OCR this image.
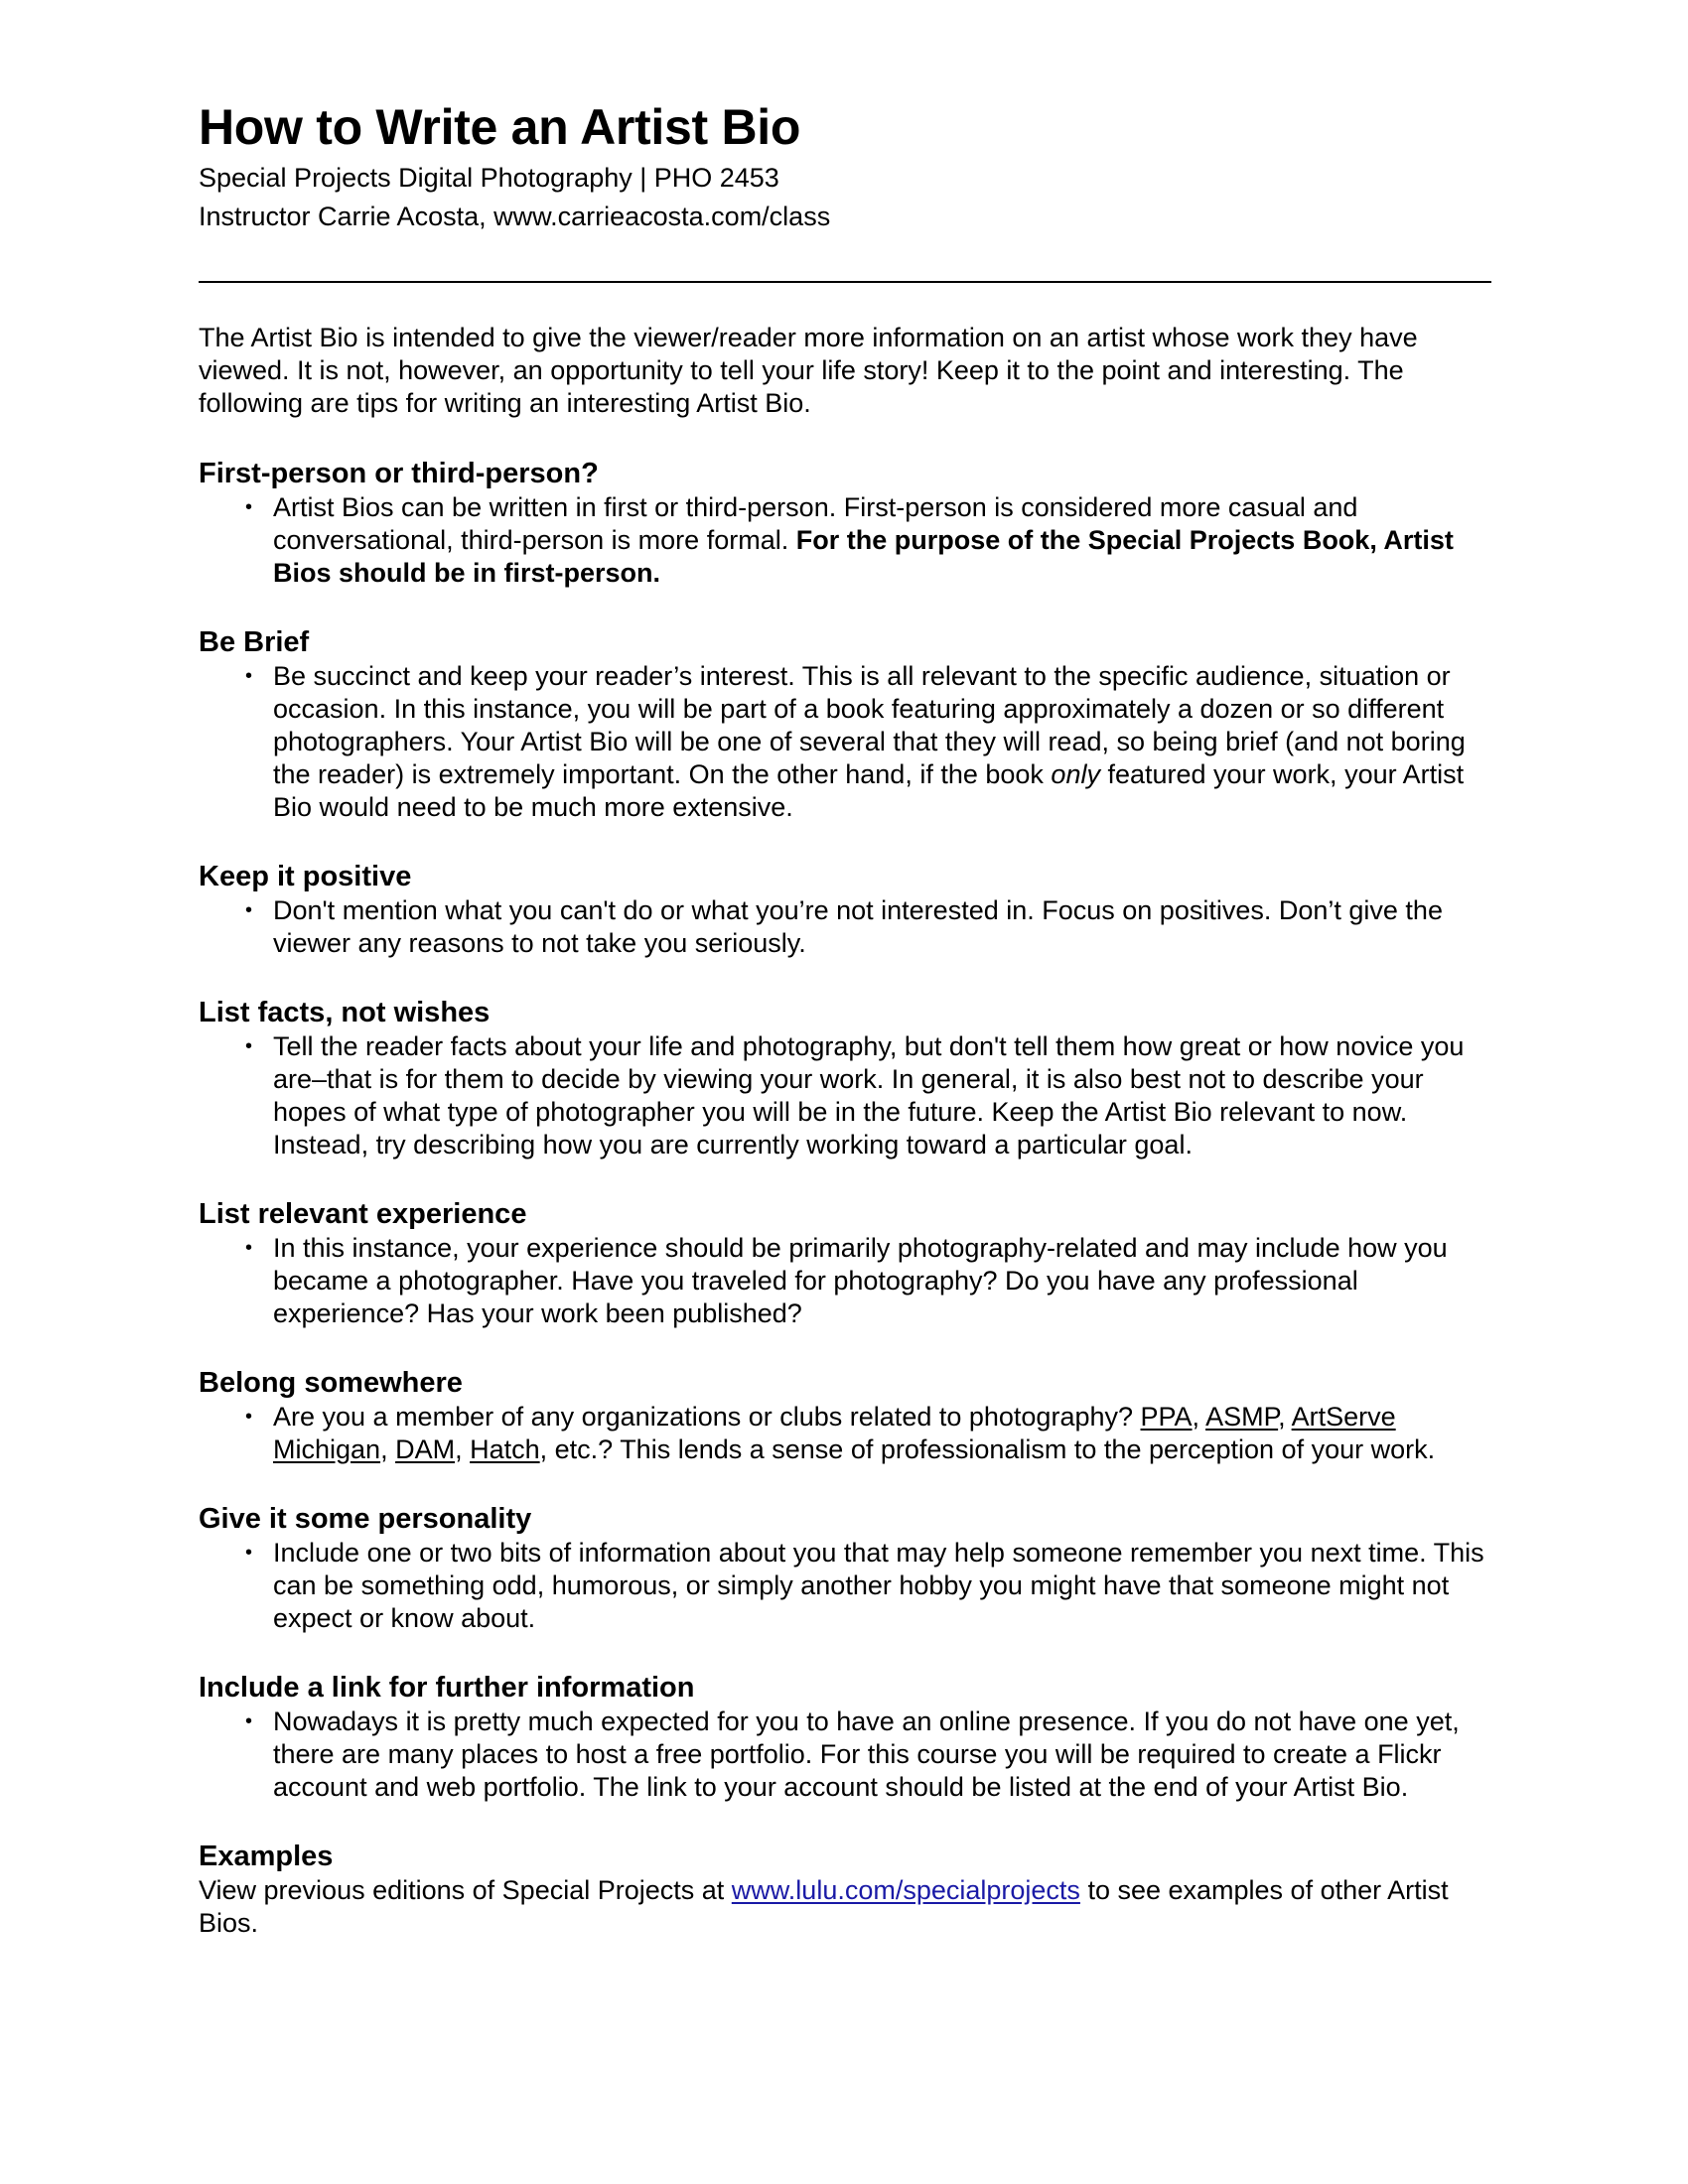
How to Write an Artist Bio

Special Projects Digital Photography | PHO 2453

Instructor Carrie Acosta, www.carrieacosta.com/class

The Artist Bio is intended to give the viewer/reader more information on an artist whose work they have viewed. It is not, however, an opportunity to tell your life story! Keep it to the point and interesting. The following are tips for writing an interesting Artist Bio.

First-person or third-person?

• Artist Bios can be written in first or third-person. First-person is considered more casual and conversational, third-person is more formal. For the purpose of the Special Projects Book, Artist Bios should be in first-person.

Be Brief

• Be succinct and keep your reader’s interest. This is all relevant to the specific audience, situation or occasion. In this instance, you will be part of a book featuring approximately a dozen or so different photographers. Your Artist Bio will be one of several that they will read, so being brief (and not boring the reader) is extremely important. On the other hand, if the book only featured your work, your Artist Bio would need to be much more extensive.

Keep it positive

• Don't mention what you can't do or what you’re not interested in. Focus on positives. Don’t give the viewer any reasons to not take you seriously.

List facts, not wishes

• Tell the reader facts about your life and photography, but don't tell them how great or how novice you are–that is for them to decide by viewing your work. In general, it is also best not to describe your hopes of what type of photographer you will be in the future. Keep the Artist Bio relevant to now. Instead, try describing how you are currently working toward a particular goal.

List relevant experience

• In this instance, your experience should be primarily photography-related and may include how you became a photographer. Have you traveled for photography? Do you have any professional experience? Has your work been published?

Belong somewhere

• Are you a member of any organizations or clubs related to photography? PPA, ASMP, ArtServe Michigan, DAM, Hatch, etc.? This lends a sense of professionalism to the perception of your work.

Give it some personality

• Include one or two bits of information about you that may help someone remember you next time. This can be something odd, humorous, or simply another hobby you might have that someone might not expect or know about.

Include a link for further information

• Nowadays it is pretty much expected for you to have an online presence. If you do not have one yet, there are many places to host a free portfolio. For this course you will be required to create a Flickr account and web portfolio. The link to your account should be listed at the end of your Artist Bio.

Examples

View previous editions of Special Projects at www.lulu.com/specialprojects to see examples of other Artist Bios.
